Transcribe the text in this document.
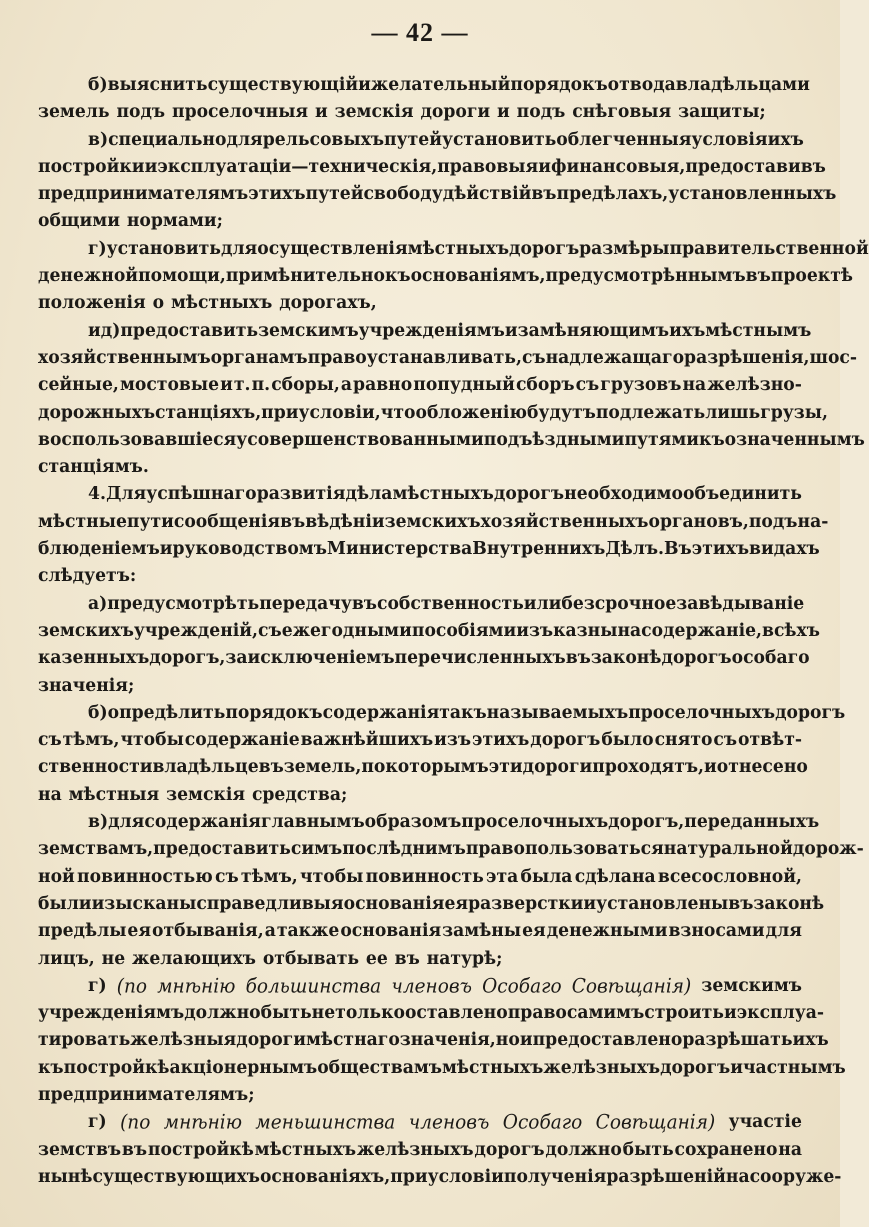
— 42 —
б) выяснить существующій и желательный порядокъ отвода владѣльцами
земель подъ проселочныя и земскія дороги и подъ снѣговыя защиты;
в) специально для рельсовыхъ путей установить облегченныя условія ихъ
постройки и эксплуатаціи—техническія, правовыя и финансовыя, предоставивъ
предпринимателямъ этихъ путей свободу дѣйствій въ предѣлахъ, установленныхъ
общими нормами;
г) установить для осуществленія мѣстныхъ дорогъ размѣры правительственной
денежной помощи, примѣнительно къ основаніямъ, предусмотрѣннымъ въ проектѣ
положенія о мѣстныхъ дорогахъ,
и д) предоставить земскимъ учрежденіямъ и замѣняющимъ ихъ мѣстнымъ
хозяйственнымъ органамъ право устанавливать, съ надлежащаго разрѣшенія, шос-
сейные, мостовые и т. п. сборы, а равно попудный сборъ съ грузовъ на желѣзно-
дорожныхъ станціяхъ, при условіи, что обложенію будутъ подлежать лишь грузы,
воспользовавшіеся усовершенствованными подъѣздными путями къ означеннымъ
станціямъ.
4. Для успѣшнаго развитія дѣла мѣстныхъ дорогъ необходимо объединить
мѣстные пути сообщенія въ вѣдѣніи земскихъ хозяйственныхъ органовъ, подъ на-
блюденіемъ и руководствомъ Министерства Внутреннихъ Дѣлъ. Въ этихъ видахъ
слѣдуетъ:
а) предусмотрѣть передачу въ собственность или безсрочное завѣдываніе
земскихъ учрежденій, съ ежегодными пособіями изъ казны на содержаніе, всѣхъ
казенныхъ дорогъ, за исключеніемъ перечисленныхъ въ законѣ дорогъ особаго
значенія;
б) опредѣлить порядокъ содержанія такъ называемыхъ проселочныхъ дорогъ
съ тѣмъ, чтобы содержаніе важнѣйшихъ изъ этихъ дорогъ было снято съ отвѣт-
ственности владѣльцевъ земель, по которымъ эти дороги проходятъ, и отнесено
на мѣстныя земскія средства;
в) для содержанія главнымъ образомъ проселочныхъ дорогъ, переданныхъ
земствамъ, предоставить симъ послѣднимъ право пользоваться натуральной дорож-
ной повинностью съ тѣмъ, чтобы повинность эта была сдѣлана всесословной,
были изысканы справедливыя основанія ея разверстки и установлены въ законѣ
предѣлы ея отбыванія, а также основанія замѣны ея денежными взносами для
лицъ, не желающихъ отбывать ее въ натурѣ;
г) (по мнѣнію большинства членовъ Особаго Совѣщанія) земскимъ
учрежденіямъ должно быть не только оставлено право самимъ строить и эксплуа-
тировать желѣзныя дороги мѣстнаго значенія, но и предоставлено разрѣшать ихъ
къ постройкѣ акціонернымъ обществамъ мѣстныхъ желѣзныхъ дорогъ и частнымъ
предпринимателямъ;
г) (по мнѣнію меньшинства членовъ Особаго Совѣщанія) участіе
земствъ въ постройкѣ мѣстныхъ желѣзныхъ дорогъ должно быть сохранено на
нынѣ существующихъ основаніяхъ, при условіи полученія разрѣшеній на сооруже-
